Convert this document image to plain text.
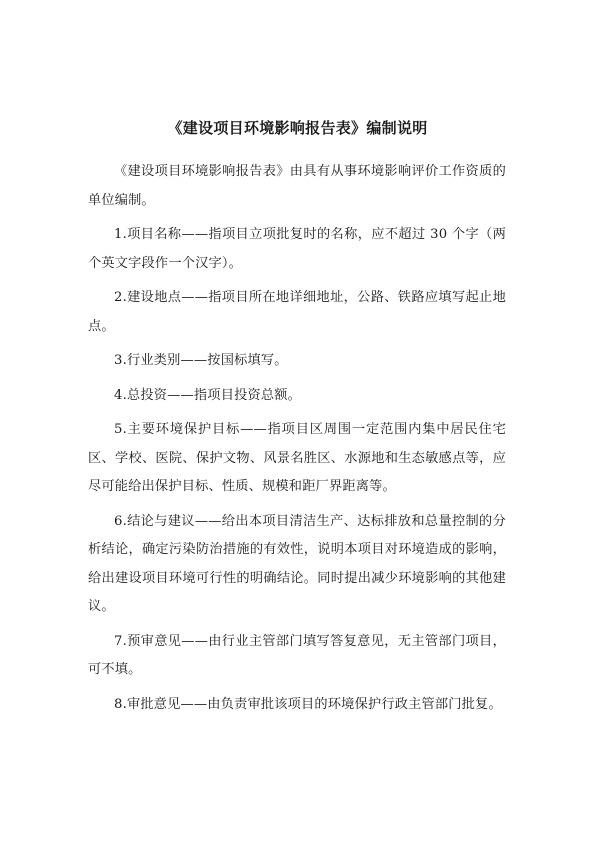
《建设项目环境影响报告表》编制说明

《建设项目环境影响报告表》由具有从事环境影响评价工作资质的单位编制。

1.项目名称——指项目立项批复时的名称，应不超过 30 个字（两个英文字段作一个汉字）。

2.建设地点——指项目所在地详细地址，公路、铁路应填写起止地点。

3.行业类别——按国标填写。

4.总投资——指项目投资总额。

5.主要环境保护目标——指项目区周围一定范围内集中居民住宅区、学校、医院、保护文物、风景名胜区、水源地和生态敏感点等，应尽可能给出保护目标、性质、规模和距厂界距离等。

6.结论与建议——给出本项目清洁生产、达标排放和总量控制的分析结论，确定污染防治措施的有效性，说明本项目对环境造成的影响，给出建设项目环境可行性的明确结论。同时提出减少环境影响的其他建议。

7.预审意见——由行业主管部门填写答复意见，无主管部门项目，可不填。

8.审批意见——由负责审批该项目的环境保护行政主管部门批复。
